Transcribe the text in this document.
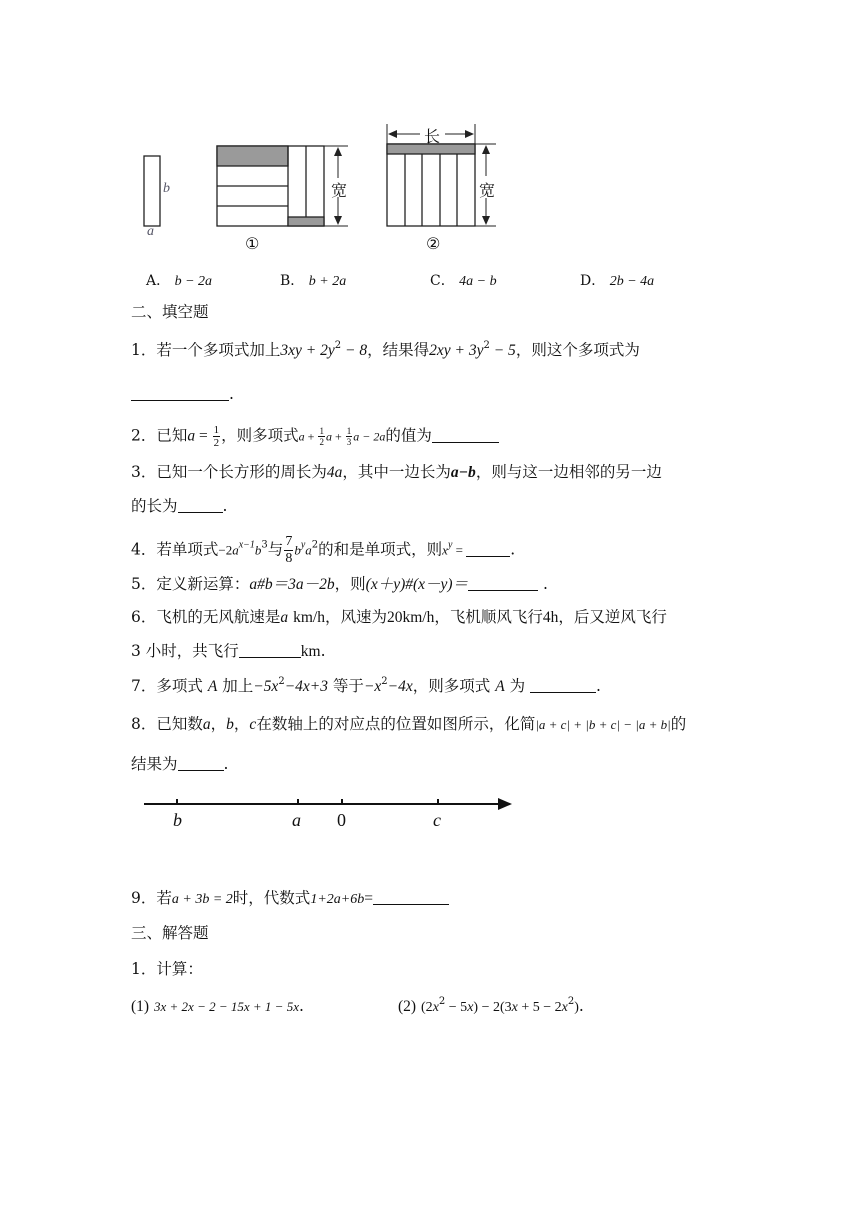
a
b	宽
①
长
宽
②
A． b − 2a	B． b + 2a	C． 4a − b	D． 2b − 4a
二、填空题
1．若一个多项式加上$3xy + 2y^2 - 8$，结果得$2xy + 3y^2 - 5$，则这个多项式为
.
2．已知$a = \frac{1}{2}$ ，则多项式$a + \frac{1}{2}$ $a + \frac{1}{3}$ a − 2a的值为
3．已知一个长方形的周长为4a，其中一边长为a−b，则与这一边相邻的另一边
的长为	.
4．若单项式$-2a^{x-1}b^3$与 $\frac{7}{8} b^ya^2$的和是单项式，则$x^y$ =	.
5．定义新运算：a#b＝3a－2b，则(x＋y)#(x－y)＝	.
6．飞机的无风航速是a km/h，风速为20km/h，飞机顺风飞行4h，后又逆风飞行
3 小时，共飞行	km.
7．多项式 A 加上$-5x^2-4x+3$ 等于$-x^2-4x$，则多项式 A 为	.
8．已知数a，b，c在数轴上的对应点的位置如图所示，化简|a + c| + |b + c| − |a + b|的
结果为	.
b	a 0	c
9．若a + 3b = 2时，代数式1+2a+6b=
三、解答题
1．计算：
(1) 3x + 2x − 2 − 15x + 1 − 5x.	(2) $(2x^2 - 5x) - 2(3x + 5 - 2x^2)$.
